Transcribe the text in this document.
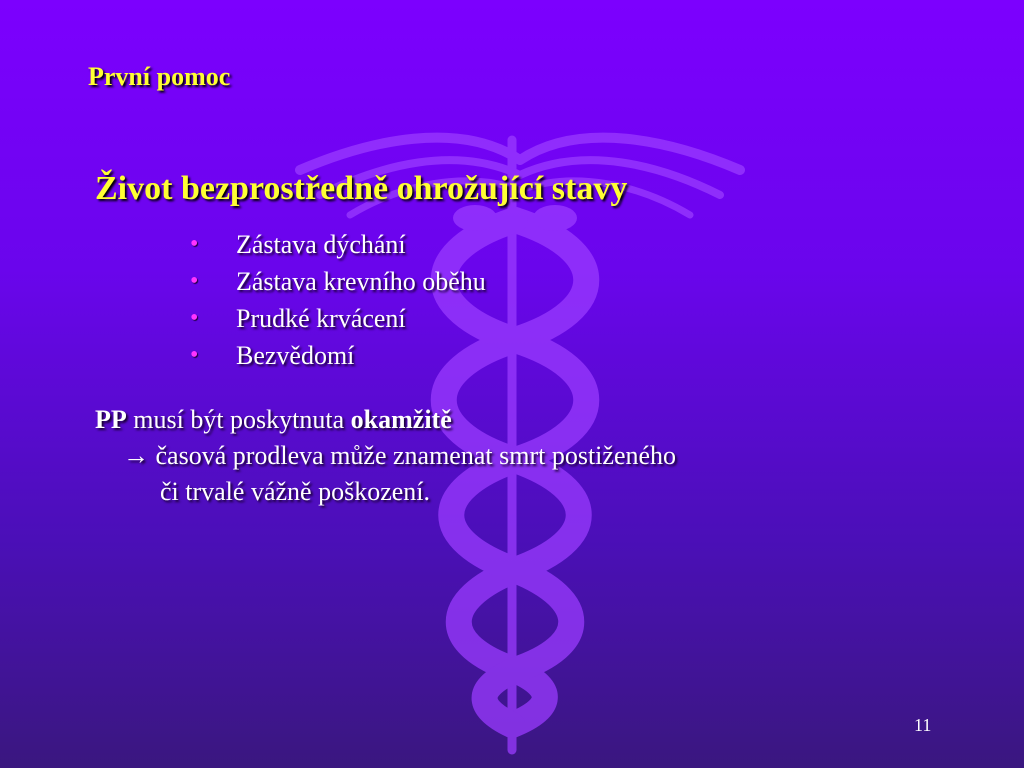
První pomoc
Život bezprostředně ohrožující stavy
• Zástava dýchání
• Zástava krevního oběhu
• Prudké krvácení
• Bezvědomí
PP musí být poskytnuta okamžitě
→ časová prodleva může znamenat smrt postiženého
či trvalé vážně poškození.
11
